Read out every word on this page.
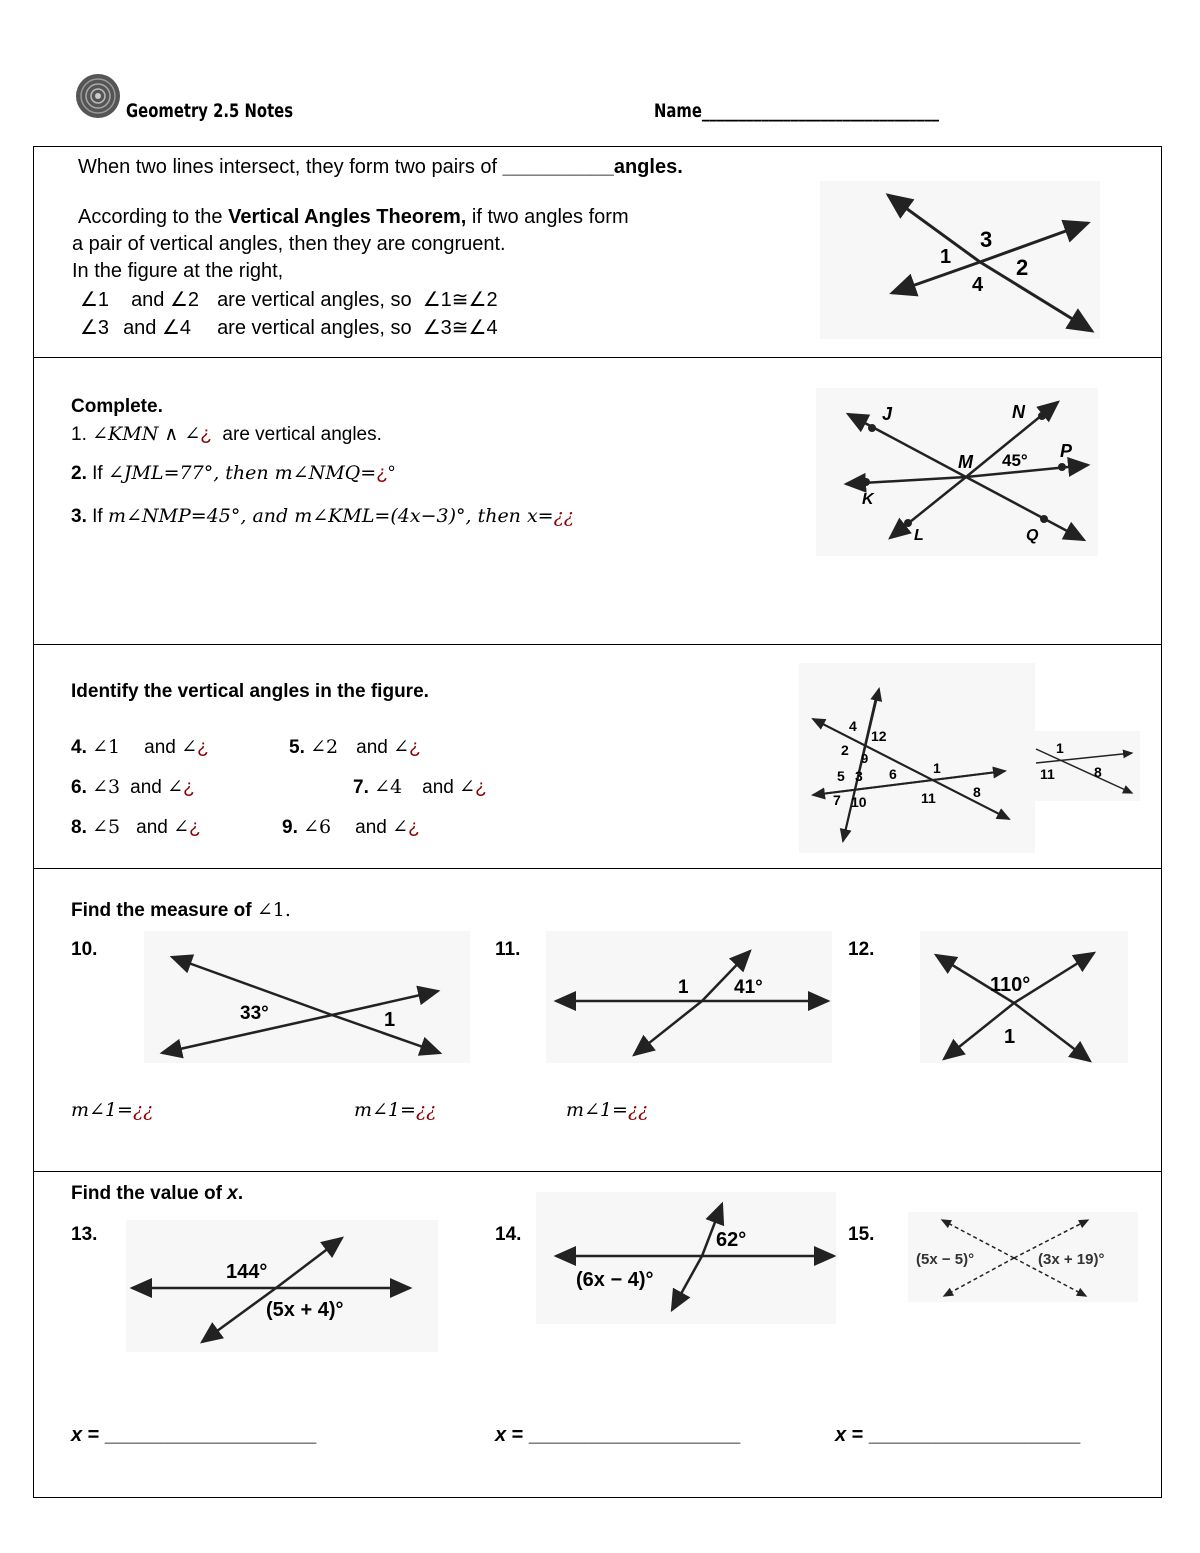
Geometry 2.5 Notes	Name________________________________
When two lines intersect, they form two pairs of __________angles.
According to the Vertical Angles Theorem, if two angles form
a pair of vertical angles, then they are congruent.
In the figure at the right,
∠1 and ∠2 are vertical angles, so ∠1≅∠2
∠3 and ∠4 are vertical angles, so ∠3≅∠4
1
3
2
4
Complete.
1. ∠KMN ∧ ∠¿ are vertical angles.
2. If ∠JML=77°, then m∠NMQ=¿°
3. If m∠NMP=45°, and m∠KML=(4x−3)°, then x=¿¿
J	N
M 45° P
K
L	Q
Identify the vertical angles in the figure.
4. ∠1 and ∠¿	5. ∠2 and ∠¿
6. ∠3 and ∠¿	7. ∠4 and ∠¿
8. ∠5 and ∠¿	9. ∠6 and ∠¿
4
12
2
9
5 3 6	1
7 10	11	8
1
11	8
Find the measure of ∠1.
10.	11.	12.
33°	1
1 41°	110°
1
m∠1=¿¿	m∠1=¿¿	m∠1=¿¿
Find the value of x.
13.	14.	15.
144°
(5x + 4)°
62°
(6x − 4)°
(5x − 5)°	(3x + 19)°
x = ___________________	x = ___________________	x = ___________________
